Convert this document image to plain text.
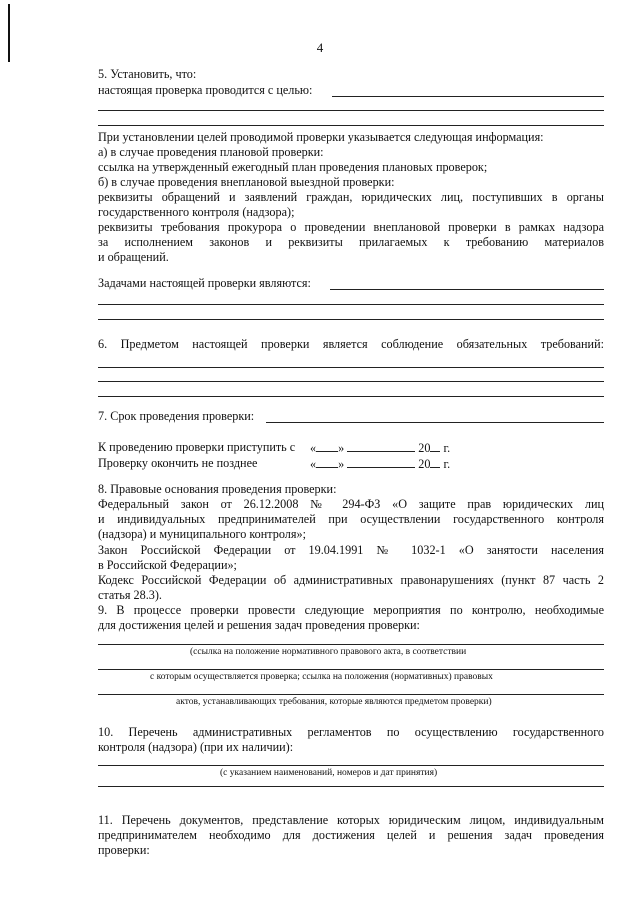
4
5. Установить, что:
настоящая проверка проводится с целью:
При установлении целей проводимой проверки указывается следующая информация:
а) в случае проведения плановой проверки:
ссылка на утвержденный ежегодный план проведения плановых проверок;
б) в случае проведения внеплановой выездной проверки:
реквизиты обращений и заявлений граждан, юридических лиц, поступивших в органы
государственного контроля (надзора);
реквизиты требования прокурора о проведении внеплановой проверки в рамках надзора
за исполнением законов и реквизиты прилагаемых к требованию материалов
и обращений.
Задачами настоящей проверки являются:
6. Предметом настоящей проверки является соблюдение обязательных требований:
7. Срок проведения проверки:
К проведению проверки приступить с « »	20 г.
Проверку окончить не позднее	« »	20 г.
8. Правовые основания проведения проверки:
Федеральный закон от 26.12.2008 № 294-ФЗ «О защите прав юридических лиц
и индивидуальных предпринимателей при осуществлении государственного контроля
(надзора) и муниципального контроля»;
Закон Российской Федерации от 19.04.1991 № 1032-1 «О занятости населения
в Российской Федерации»;
Кодекс Российской Федерации об административных правонарушениях (пункт 87 часть 2
статья 28.3).
9. В процессе проверки провести следующие мероприятия по контролю, необходимые
для достижения целей и решения задач проведения проверки:
(ссылка на положение нормативного правового акта, в соответствии
с которым осуществляется проверка; ссылка на положения (нормативных) правовых
актов, устанавливающих требования, которые являются предметом проверки)
10. Перечень административных регламентов по осуществлению государственного
контроля (надзора) (при их наличии):
(с указанием наименований, номеров и дат принятия)
11. Перечень документов, представление которых юридическим лицом, индивидуальным
предпринимателем необходимо для достижения целей и решения задач проведения
проверки:
